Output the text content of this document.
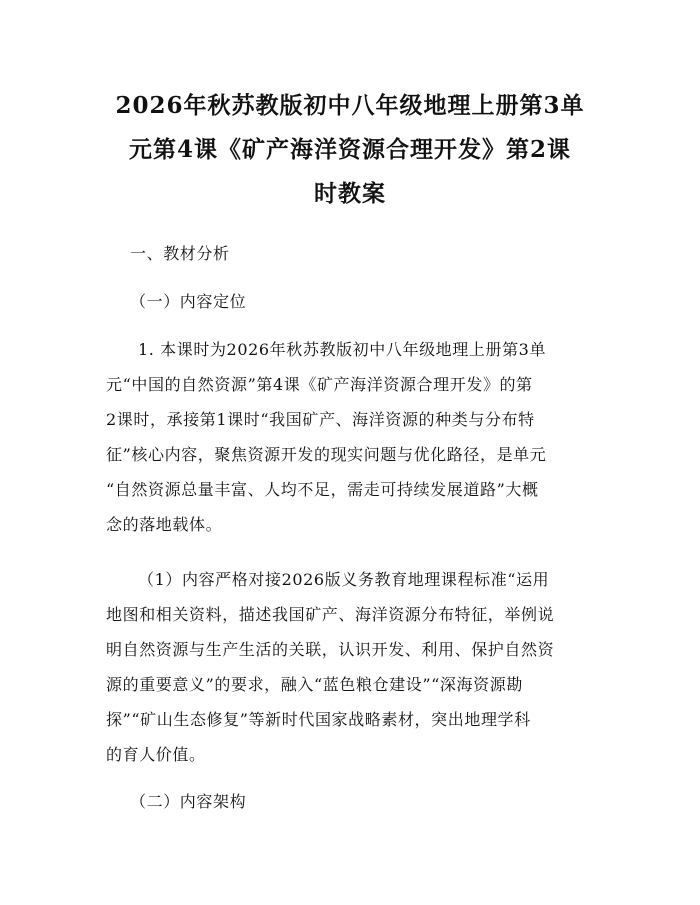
2026年秋苏教版初中八年级地理上册第3单
元第4课《矿产海洋资源合理开发》第2课
时教案
一、教材分析
（一）内容定位
1. 本课时为2026年秋苏教版初中八年级地理上册第3单
元“中国的自然资源”第4课《矿产海洋资源合理开发》的第
2课时，承接第1课时“我国矿产、海洋资源的种类与分布特
征”核心内容，聚焦资源开发的现实问题与优化路径，是单元
“自然资源总量丰富、人均不足，需走可持续发展道路”大概
念的落地载体。
（1）内容严格对接2026版义务教育地理课程标准“运用
地图和相关资料，描述我国矿产、海洋资源分布特征，举例说
明自然资源与生产生活的关联，认识开发、利用、保护自然资
源的重要意义”的要求，融入“蓝色粮仓建设”“深海资源勘
探”“矿山生态修复”等新时代国家战略素材，突出地理学科
的育人价值。
（二）内容架构
